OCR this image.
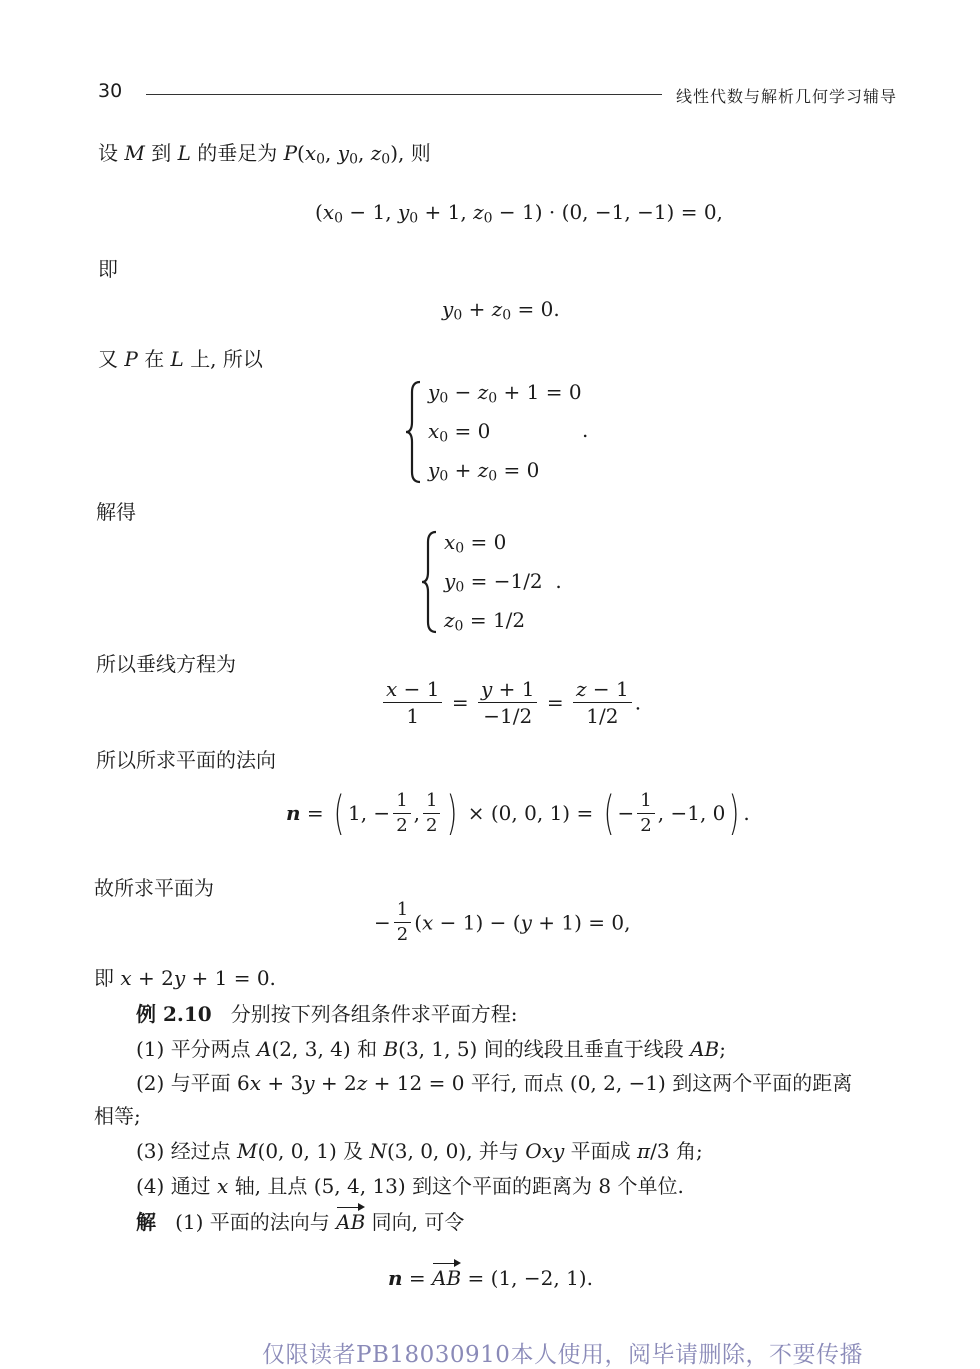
30	线性代数与解析几何学习辅导
设 M 到 L 的垂足为 $P(x_0$, $y_0$, $z_0$), 则
($x_0 - 1$, $y_0 + 1$, $z_0 - 1) \cdot (0$, −1, −1) = 0,
即
$y_0 + z_0 = 0$.
又 P 在 L 上, 所以
$y_0 - z_0 + 1 = 0$
$x_0 = 0$
$y_0 + z_0 = 0$
.
解得
$x_0 = 0$
$y_0 = -1/2$  .
$z_0 = 1/2$
所以垂线方程为
$\frac{x - 1}{1} = \frac{y + 1}{-1/2} = \frac{z - 1}{1/2}$ .
所以所求平面的法向
n = ( 1, − $\frac{1}{2}$ , $\frac{1}{2}$ ) × (0, 0, 1) = ( − $\frac{1}{2}$ , −1, 0) .
故所求平面为
− $\frac{1}{2} (x - 1) - (y + 1) = 0$,
即 x + 2y + 1 = 0.
例 2.10 分别按下列各组条件求平面方程:
(1) 平分两点 A(2, 3, 4) 和 B(3, 1, 5) 间的线段且垂直于线段 AB;
(2) 与平面 6x + 3y + 2z + 12 = 0 平行, 而点 (0, 2, −1) 到这两个平面的距离
相等;
(3) 经过点 M(0, 0, 1) 及 N(3, 0, 0), 并与 Oxy 平面成 π/3 角;
(4) 通过 x 轴, 且点 (5, 4, 13) 到这个平面的距离为 8 个单位.
解 (1) 平面的法向与 AB 同向, 可令
n = AB = (1, −2, 1).
仅限读者PB18030910本人使用，阅毕请删除，不要传播
